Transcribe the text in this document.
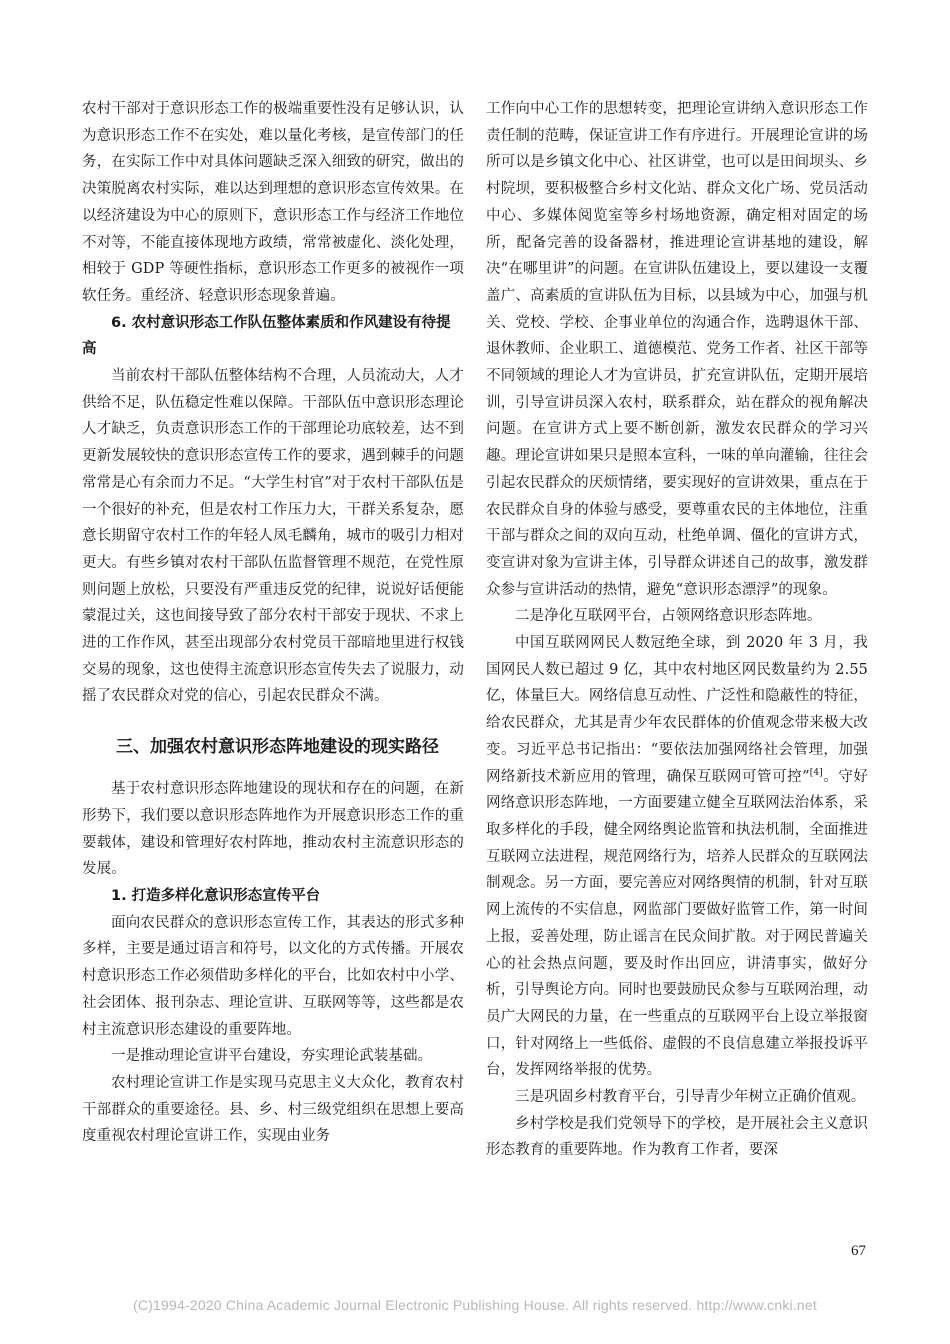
农村干部对于意识形态工作的极端重要性没有足够认识，认为意识形态工作不在实处，难以量化考核，是宣传部门的任务，在实际工作中对具体问题缺乏深入细致的研究，做出的决策脱离农村实际，难以达到理想的意识形态宣传效果。在以经济建设为中心的原则下，意识形态工作与经济工作地位不对等，不能直接体现地方政绩，常常被虚化、淡化处理，相较于 GDP 等硬性指标，意识形态工作更多的被视作一项软任务。重经济、轻意识形态现象普遍。

6. 农村意识形态工作队伍整体素质和作风建设有待提高

当前农村干部队伍整体结构不合理，人员流动大，人才供给不足，队伍稳定性难以保障。干部队伍中意识形态理论人才缺乏，负责意识形态工作的干部理论功底较差，达不到更新发展较快的意识形态宣传工作的要求，遇到棘手的问题常常是心有余而力不足。“大学生村官”对于农村干部队伍是一个很好的补充，但是农村工作压力大，干群关系复杂，愿意长期留守农村工作的年轻人凤毛麟角，城市的吸引力相对更大。有些乡镇对农村干部队伍监督管理不规范，在党性原则问题上放松，只要没有严重违反党的纪律，说说好话便能蒙混过关，这也间接导致了部分农村干部安于现状、不求上进的工作作风，甚至出现部分农村党员干部暗地里进行权钱交易的现象，这也使得主流意识形态宣传失去了说服力，动摇了农民群众对党的信心，引起农民群众不满。

三、加强农村意识形态阵地建设的现实路径

基于农村意识形态阵地建设的现状和存在的问题，在新形势下，我们要以意识形态阵地作为开展意识形态工作的重要载体，建设和管理好农村阵地，推动农村主流意识形态的发展。

1. 打造多样化意识形态宣传平台

面向农民群众的意识形态宣传工作，其表达的形式多种多样，主要是通过语言和符号，以文化的方式传播。开展农村意识形态工作必须借助多样化的平台，比如农村中小学、社会团体、报刊杂志、理论宣讲、互联网等等，这些都是农村主流意识形态建设的重要阵地。

一是推动理论宣讲平台建设，夯实理论武装基础。

农村理论宣讲工作是实现马克思主义大众化，教育农村干部群众的重要途径。县、乡、村三级党组织在思想上要高度重视农村理论宣讲工作，实现由业务

工作向中心工作的思想转变，把理论宣讲纳入意识形态工作责任制的范畴，保证宣讲工作有序进行。开展理论宣讲的场所可以是乡镇文化中心、社区讲堂，也可以是田间坝头、乡村院坝，要积极整合乡村文化站、群众文化广场、党员活动中心、多媒体阅览室等乡村场地资源，确定相对固定的场所，配备完善的设备器材，推进理论宣讲基地的建设，解决“在哪里讲”的问题。在宣讲队伍建设上，要以建设一支覆盖广、高素质的宣讲队伍为目标，以县域为中心，加强与机关、党校、学校、企事业单位的沟通合作，选聘退休干部、退休教师、企业职工、道德模范、党务工作者、社区干部等不同领域的理论人才为宣讲员，扩充宣讲队伍，定期开展培训，引导宣讲员深入农村，联系群众，站在群众的视角解决问题。在宣讲方式上要不断创新，激发农民群众的学习兴趣。理论宣讲如果只是照本宣科，一味的单向灌输，往往会引起农民群众的厌烦情绪，要实现好的宣讲效果，重点在于农民群众自身的体验与感受，要尊重农民的主体地位，注重干部与群众之间的双向互动，杜绝单调、僵化的宣讲方式，变宣讲对象为宣讲主体，引导群众讲述自己的故事，激发群众参与宣讲活动的热情，避免“意识形态漂浮”的现象。

二是净化互联网平台，占领网络意识形态阵地。

中国互联网网民人数冠绝全球，到 2020 年 3 月，我国网民人数已超过 9 亿，其中农村地区网民数量约为 2.55 亿，体量巨大。网络信息互动性、广泛性和隐蔽性的特征，给农民群众，尤其是青少年农民群体的价值观念带来极大改变。习近平总书记指出：“要依法加强网络社会管理，加强网络新技术新应用的管理，确保互联网可管可控”[4]。守好网络意识形态阵地，一方面要建立健全互联网法治体系，采取多样化的手段，健全网络舆论监管和执法机制，全面推进互联网立法进程，规范网络行为，培养人民群众的互联网法制观念。另一方面，要完善应对网络舆情的机制，针对互联网上流传的不实信息，网监部门要做好监管工作，第一时间上报，妥善处理，防止谣言在民众间扩散。对于网民普遍关心的社会热点问题，要及时作出回应，讲清事实，做好分析，引导舆论方向。同时也要鼓励民众参与互联网治理，动员广大网民的力量，在一些重点的互联网平台上设立举报窗口，针对网络上一些低俗、虚假的不良信息建立举报投诉平台，发挥网络举报的优势。

三是巩固乡村教育平台，引导青少年树立正确价值观。

乡村学校是我们党领导下的学校，是开展社会主义意识形态教育的重要阵地。作为教育工作者，要深

67
(C)1994-2020 China Academic Journal Electronic Publishing House. All rights reserved. http://www.cnki.net
